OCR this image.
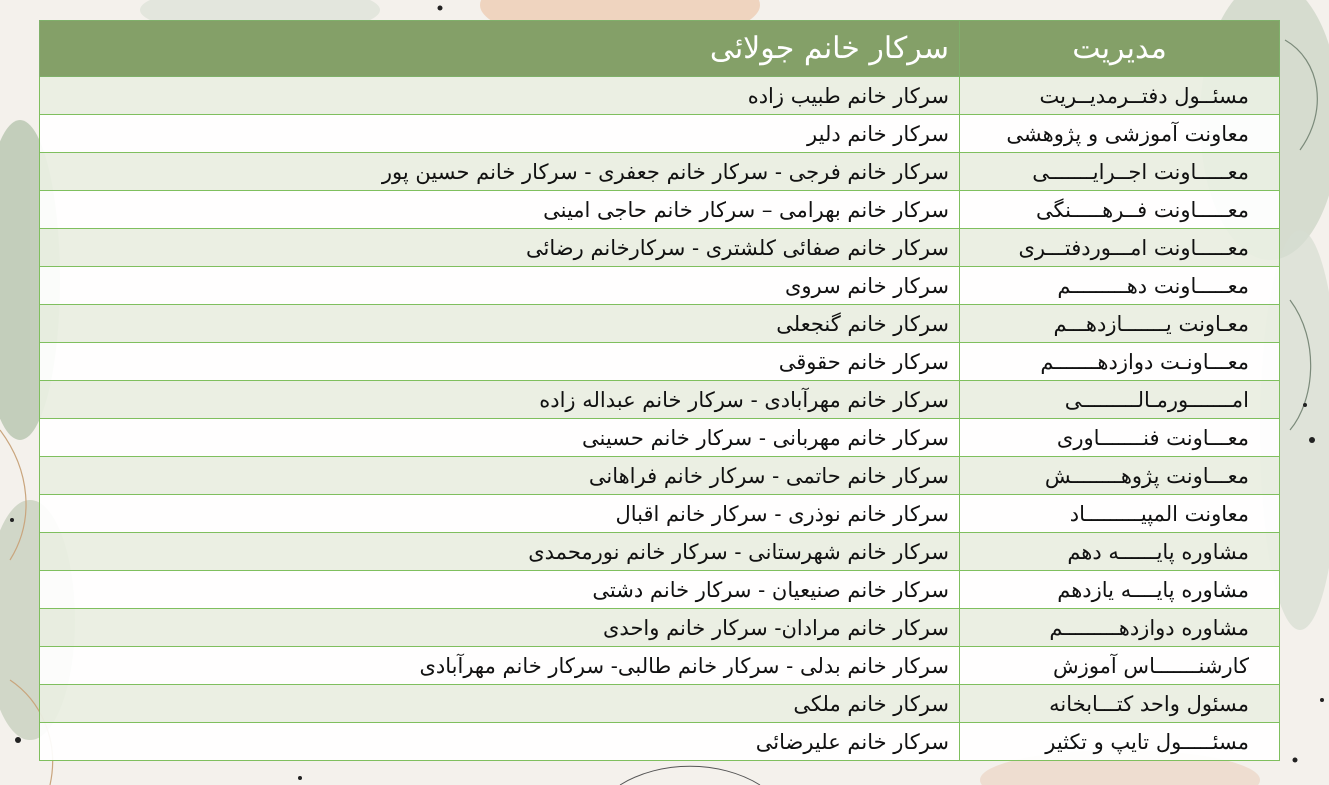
مدیریت	سرکار خانم جولائی
مسئــول دفتــرمدیــریت	سرکار خانم طبیب زاده
معاونت آموزشی و پژوهشی	سرکار خانم دلیر
معـــــاونت اجــرایـــــــی	سرکار خانم فرجی - سرکار خانم جعفری - سرکار خانم حسین پور
معـــــاونت فــرهـــــنگی	سرکار خانم بهرامی – سرکار خانم حاجی امینی
معـــــاونت امـــوردفتـــری	سرکار خانم صفائی کلشتری - سرکارخانم رضائی
معـــــاونت دهـــــــــم	سرکار خانم سروی
معـاونت یـــــــازدهـــم	سرکار خانم گنجعلی
معـــاونـت دوازدهـــــــم	سرکار خانم حقوقی
امـــــــورمـالـــــــــی	سرکار خانم مهرآبادی - سرکار خانم عبداله زاده
معـــاونت فنـــــــاوری	سرکار خانم مهربانی - سرکار خانم حسینی
معـــاونت پژوهــــــــش	سرکار خانم حاتمی - سرکار خانم فراهانی
معاونت المپیـــــــــاد	سرکار خانم نوذری - سرکار خانم اقبال
مشاوره پایــــــه دهم	سرکار خانم شهرستانی - سرکار خانم نورمحمدی
مشاوره پایــــه یازدهم	سرکار خانم صنیعیان - سرکار خانم دشتی
مشاوره دوازدهـــــــــم	سرکار خانم مرادان- سرکار خانم واحدی
کارشنـــــــاس آموزش	سرکار خانم بدلی - سرکار خانم طالبی- سرکار خانم مهرآبادی
مسئول واحد کتـــابخانه	سرکار خانم ملکی
مسئـــــول تایپ و تکثیر	سرکار خانم علیرضائی
